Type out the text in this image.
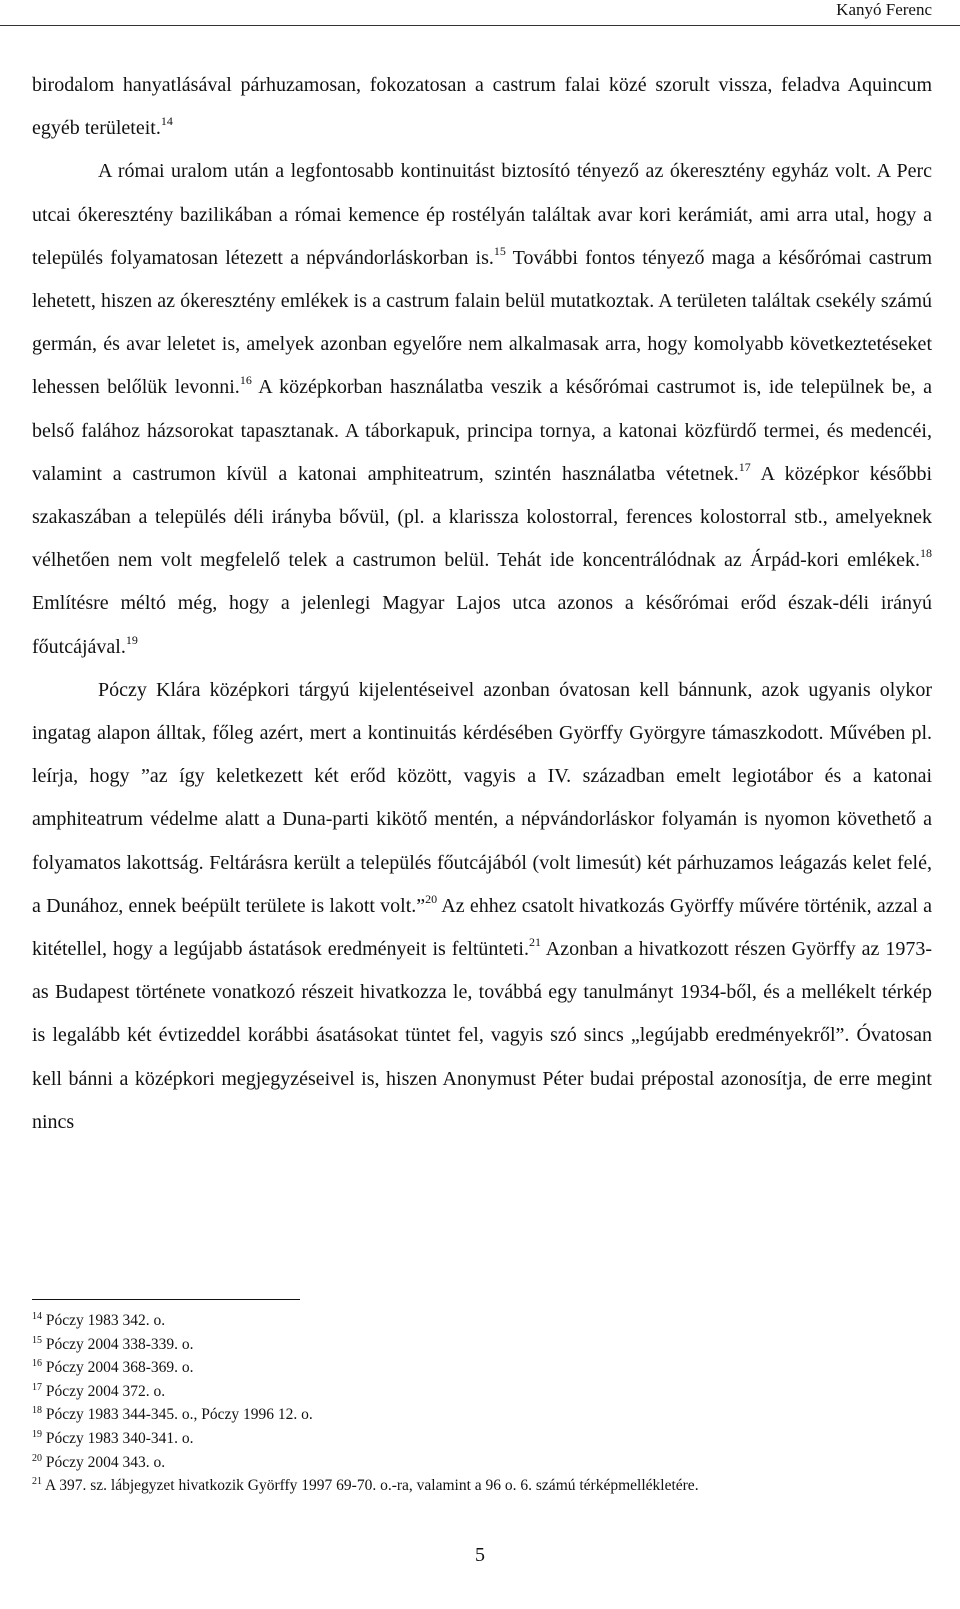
Kanyó Ferenc

birodalom hanyatlásával párhuzamosan, fokozatosan a castrum falai közé szorult vissza, feladva Aquincum egyéb területeit.$^{14}$

A római uralom után a legfontosabb kontinuitást biztosító tényező az ókeresztény egyház volt. A Perc utcai ókeresztény bazilikában a római kemence ép rostélyán találtak avar kori kerámiát, ami arra utal, hogy a település folyamatosan létezett a népvándorláskorban is.$^{15}$ További fontos tényező maga a későrómai castrum lehetett, hiszen az ókeresztény emlékek is a castrum falain belül mutatkoztak. A területen találtak csekély számú germán, és avar leletet is, amelyek azonban egyelőre nem alkalmasak arra, hogy komolyabb következtetéseket lehessen belőlük levonni.$^{16}$ A középkorban használatba veszik a későrómai castrumot is, ide települnek be, a belső falához házsorokat tapasztanak. A táborkapuk, principa tornya, a katonai közfürdő termei, és medencéi, valamint a castrumon kívül a katonai amphiteatrum, szintén használatba vétetnek.$^{17}$ A középkor későbbi szakaszában a település déli irányba bővül, (pl. a klarissza kolostorral, ferences kolostorral stb., amelyeknek vélhetően nem volt megfelelő telek a castrumon belül. Tehát ide koncentrálódnak az Árpád-kori emlékek.$^{18}$ Említésre méltó még, hogy a jelenlegi Magyar Lajos utca azonos a későrómai erőd észak-déli irányú főutcájával.$^{19}$

Póczy Klára középkori tárgyú kijelentéseivel azonban óvatosan kell bánnunk, azok ugyanis olykor ingatag alapon álltak, főleg azért, mert a kontinuitás kérdésében Györffy Györgyre támaszkodott. Művében pl. leírja, hogy ”az így keletkezett két erőd között, vagyis a IV. században emelt legiotábor és a katonai amphiteatrum védelme alatt a Duna-parti kikötő mentén, a népvándorláskor folyamán is nyomon követhető a folyamatos lakottság. Feltárásra került a település főutcájából (volt limesút) két párhuzamos leágazás kelet felé, a Dunához, ennek beépült területe is lakott volt.”$^{20}$ Az ehhez csatolt hivatkozás Györffy művére történik, azzal a kitétellel, hogy a legújabb ástatások eredményeit is feltünteti.$^{21}$ Azonban a hivatkozott részen Györffy az 1973-as Budapest története vonatkozó részeit hivatkozza le, továbbá egy tanulmányt 1934-ből, és a mellékelt térkép is legalább két évtizeddel korábbi ásatásokat tüntet fel, vagyis szó sincs „legújabb eredményekről”. Óvatosan kell bánni a középkori megjegyzéseivel is, hiszen Anonymust Péter budai prépostal azonosítja, de erre megint nincs

$^{14}$ Póczy 1983 342. o.
$^{15}$ Póczy 2004 338-339. o.
$^{16}$ Póczy 2004 368-369. o.
$^{17}$ Póczy 2004 372. o.
$^{18}$ Póczy 1983 344-345. o., Póczy 1996 12. o.
$^{19}$ Póczy 1983 340-341. o.
$^{20}$ Póczy 2004 343. o.
$^{21}$ A 397. sz. lábjegyzet hivatkozik Györffy 1997 69-70. o.-ra, valamint a 96 o. 6. számú térképmellékletére.
5
